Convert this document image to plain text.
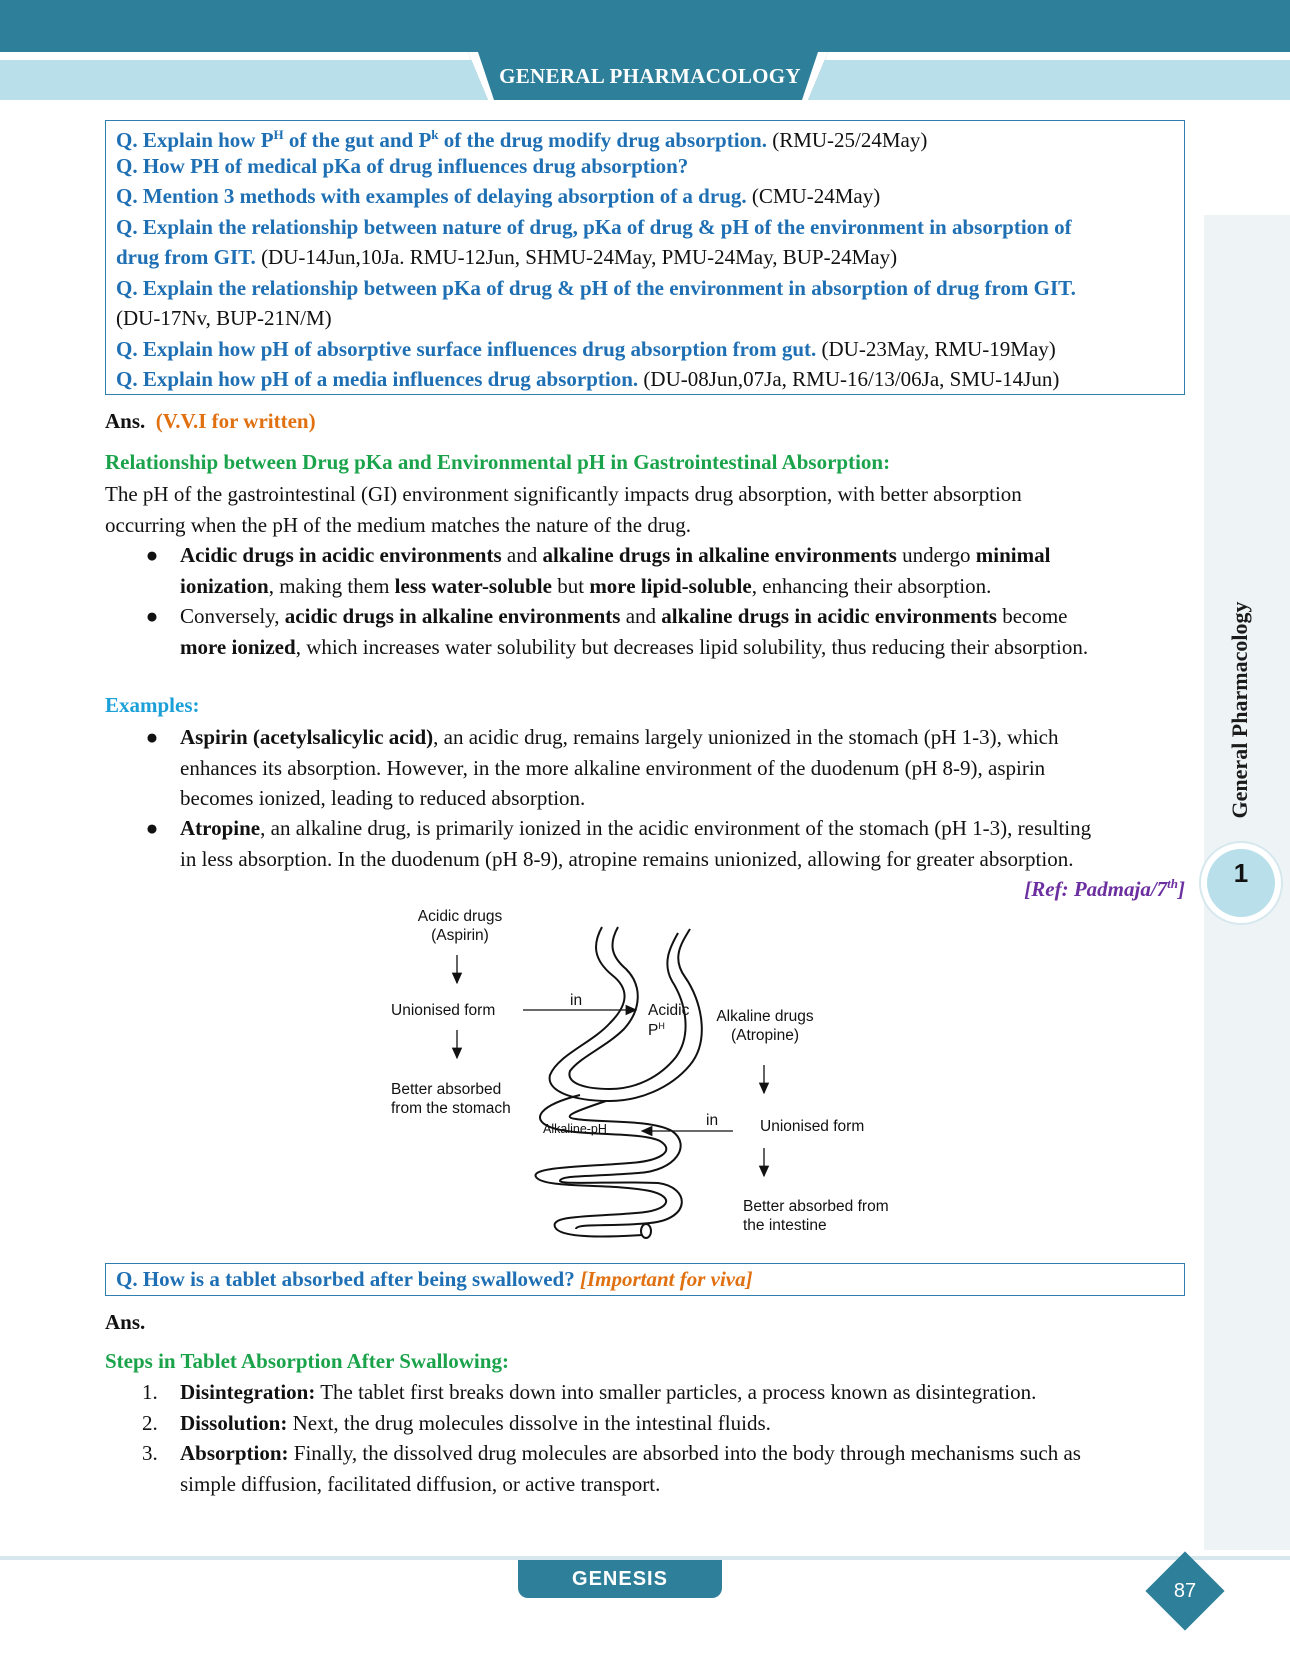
GENERAL PHARMACOLOGY
General Pharmacology
1
Q. Explain how $P^H$ of the gut and $P^k$ of the drug modify drug absorption. (RMU-25/24May)
Q. How PH of medical pKa of drug influences drug absorption?
Q. Mention 3 methods with examples of delaying absorption of a drug. (CMU-24May)
Q. Explain the relationship between nature of drug, pKa of drug & pH of the environment in absorption of
drug from GIT. (DU-14Jun,10Ja. RMU-12Jun, SHMU-24May, PMU-24May, BUP-24May)
Q. Explain the relationship between pKa of drug & pH of the environment in absorption of drug from GIT.
(DU-17Nv, BUP-21N/M)
Q. Explain how pH of absorptive surface influences drug absorption from gut. (DU-23May, RMU-19May)
Q. Explain how pH of a media influences drug absorption. (DU-08Jun,07Ja, RMU-16/13/06Ja, SMU-14Jun)
Ans. (V.V.I for written)
Relationship between Drug pKa and Environmental pH in Gastrointestinal Absorption:
The pH of the gastrointestinal (GI) environment significantly impacts drug absorption, with better absorption
occurring when the pH of the medium matches the nature of the drug.
● Acidic drugs in acidic environments and alkaline drugs in alkaline environments undergo minimal
ionization, making them less water-soluble but more lipid-soluble, enhancing their absorption.
● Conversely, acidic drugs in alkaline environments and alkaline drugs in acidic environments become
more ionized, which increases water solubility but decreases lipid solubility, thus reducing their absorption.
Examples:
● Aspirin (acetylsalicylic acid), an acidic drug, remains largely unionized in the stomach (pH 1-3), which
enhances its absorption. However, in the more alkaline environment of the duodenum (pH 8-9), aspirin
becomes ionized, leading to reduced absorption.
● Atropine, an alkaline drug, is primarily ionized in the acidic environment of the stomach (pH 1-3), resulting
in less absorption. In the duodenum (pH 8-9), atropine remains unionized, allowing for greater absorption.
[Ref: Padmaja/7th]
Acidic drugs
(Aspirin)
Unionised form
Better absorbed
from the stomach
in
Acidic
$P^H$
Alkaline drugs
(Atropine)
Alkaline-pH	in	Unionised form
Better absorbed from
the intestine
Q. How is a tablet absorbed after being swallowed? [Important for viva]
Ans.
Steps in Tablet Absorption After Swallowing:
1. Disintegration: The tablet first breaks down into smaller particles, a process known as disintegration.
2. Dissolution: Next, the drug molecules dissolve in the intestinal fluids.
3. Absorption: Finally, the dissolved drug molecules are absorbed into the body through mechanisms such as
simple diffusion, facilitated diffusion, or active transport.
GENESIS
87
